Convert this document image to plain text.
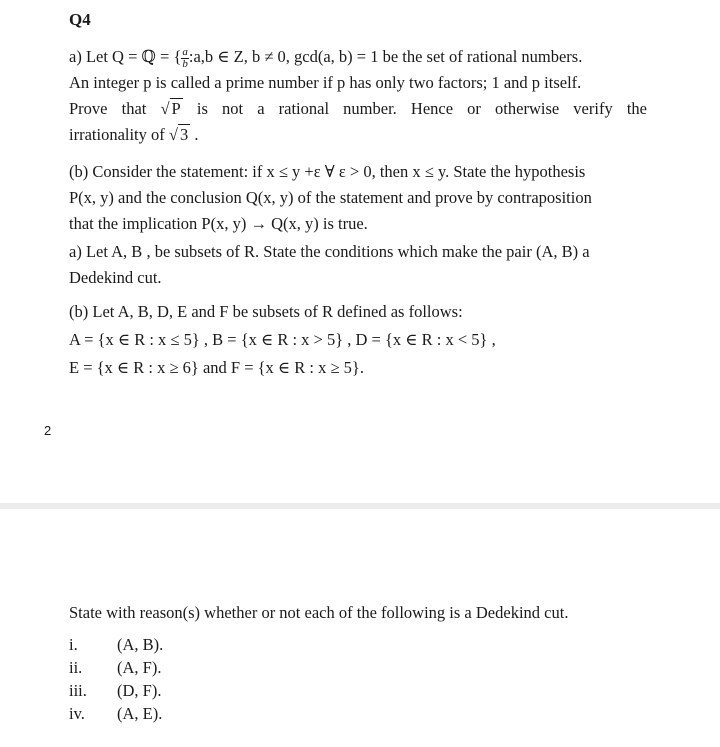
Q4
a) Let Q = ℚ = { $\frac{a}{b}$ :a,b ∈ Z, b ≠ 0, gcd(a, b) = 1 be the set of rational numbers.
An integer p is called a prime number if p has only two factors; 1 and p itself.
Prove that √ P is not a rational number. Hence or otherwise verify the
irrationality of √ 3 .
(b) Consider the statement: if x ≤ y +ε ∀ ε > 0, then x ≤ y. State the hypothesis
P(x, y) and the conclusion Q(x, y) of the statement and prove by contraposition
that the implication P(x, y) → Q(x, y) is true.
a) Let A, B , be subsets of R. State the conditions which make the pair (A, B) a
Dedekind cut.
(b) Let A, B, D, E and F be subsets of R defined as follows:
A = {x ∈ R : x ≤ 5} , B = {x ∈ R : x > 5} , D = {x ∈ R : x < 5} ,
E = {x ∈ R : x ≥ 6} and F = {x ∈ R : x ≥ 5}.
2
State with reason(s) whether or not each of the following is a Dedekind cut.
i. (A, B).
ii. (A, F).
iii. (D, F).
iv. (A, E).
